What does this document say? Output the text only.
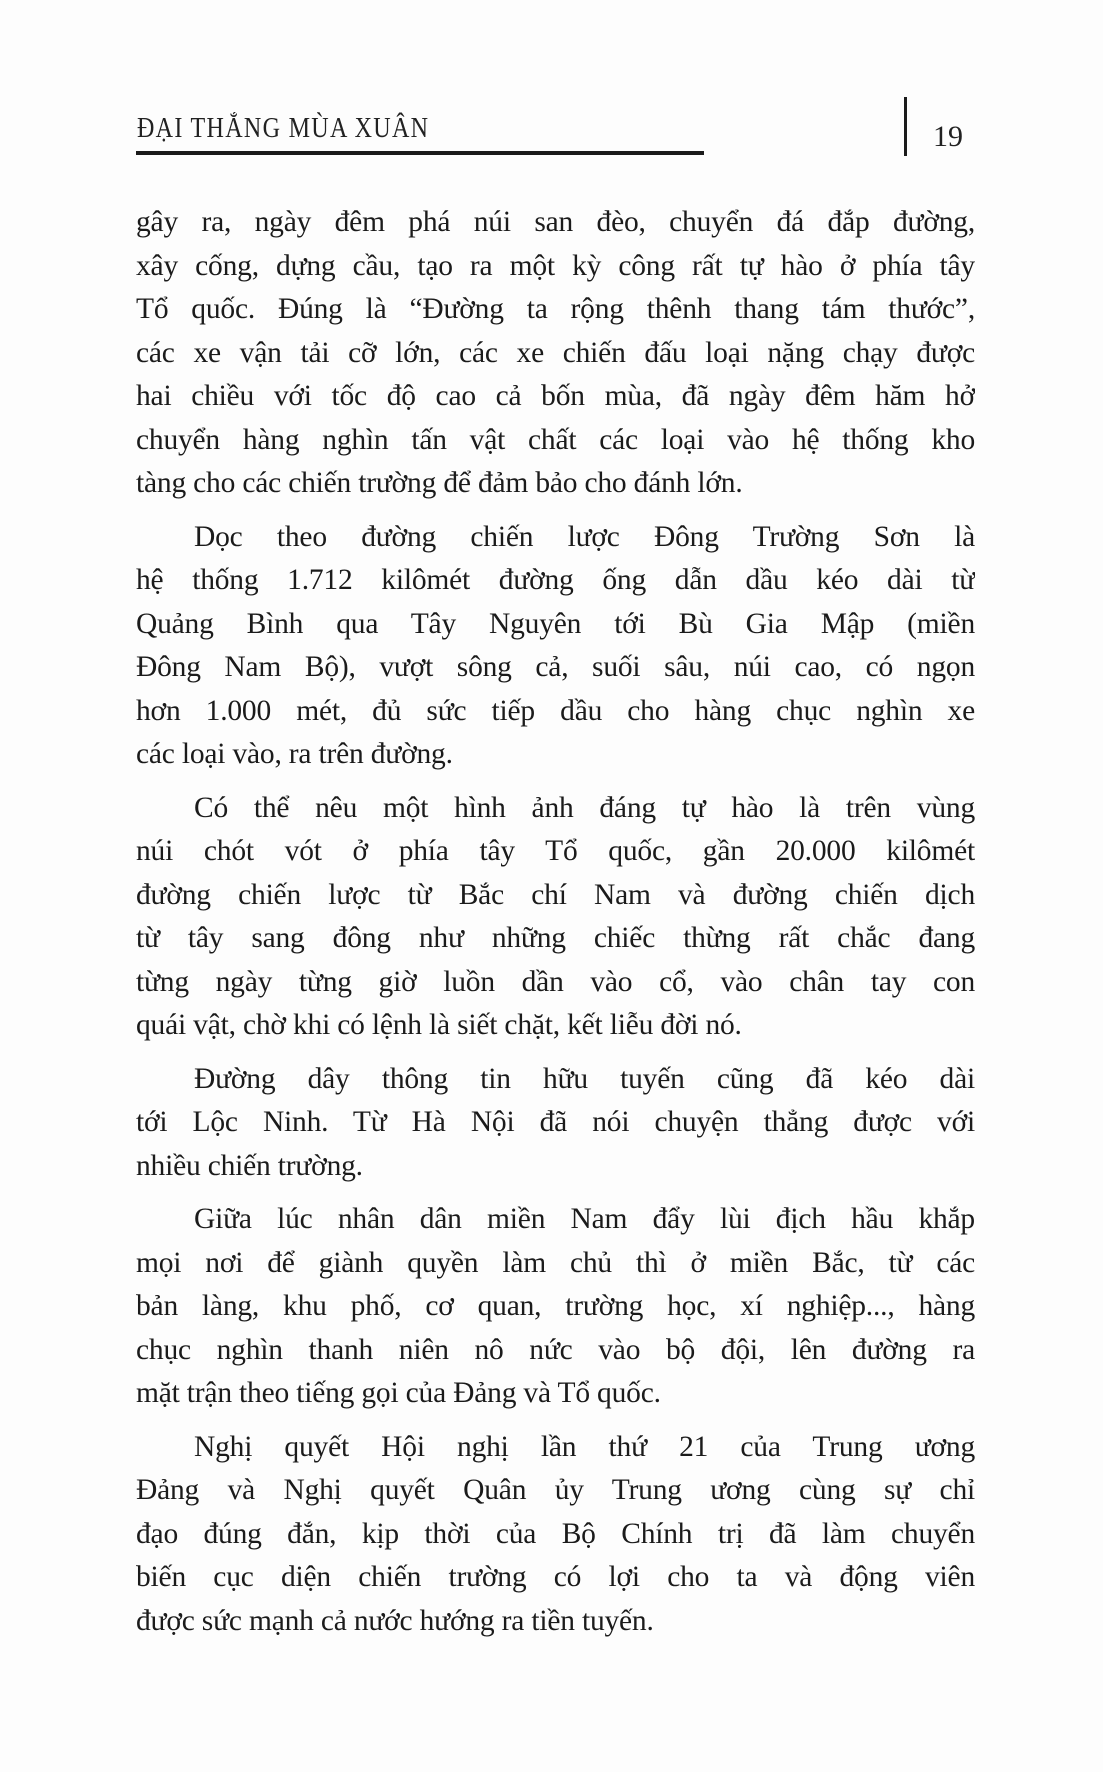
ĐẠI THẮNG MÙA XUÂN	19
gây ra, ngày đêm phá núi san đèo, chuyển đá đắp đường,
xây cống, dựng cầu, tạo ra một kỳ công rất tự hào ở phía tây
Tổ quốc. Đúng là “Đường ta rộng thênh thang tám thước”,
các xe vận tải cỡ lớn, các xe chiến đấu loại nặng chạy được
hai chiều với tốc độ cao cả bốn mùa, đã ngày đêm hăm hở
chuyển hàng nghìn tấn vật chất các loại vào hệ thống kho
tàng cho các chiến trường để đảm bảo cho đánh lớn.
Dọc theo đường chiến lược Đông Trường Sơn là
hệ thống 1.712 kilômét đường ống dẫn dầu kéo dài từ
Quảng Bình qua Tây Nguyên tới Bù Gia Mập (miền
Đông Nam Bộ), vượt sông cả, suối sâu, núi cao, có ngọn
hơn 1.000 mét, đủ sức tiếp dầu cho hàng chục nghìn xe
các loại vào, ra trên đường.
Có thể nêu một hình ảnh đáng tự hào là trên vùng
núi chót vót ở phía tây Tổ quốc, gần 20.000 kilômét
đường chiến lược từ Bắc chí Nam và đường chiến dịch
từ tây sang đông như những chiếc thừng rất chắc đang
từng ngày từng giờ luồn dần vào cổ, vào chân tay con
quái vật, chờ khi có lệnh là siết chặt, kết liễu đời nó.
Đường dây thông tin hữu tuyến cũng đã kéo dài
tới Lộc Ninh. Từ Hà Nội đã nói chuyện thẳng được với
nhiều chiến trường.
Giữa lúc nhân dân miền Nam đẩy lùi địch hầu khắp
mọi nơi để giành quyền làm chủ thì ở miền Bắc, từ các
bản làng, khu phố, cơ quan, trường học, xí nghiệp..., hàng
chục nghìn thanh niên nô nức vào bộ đội, lên đường ra
mặt trận theo tiếng gọi của Đảng và Tổ quốc.
Nghị quyết Hội nghị lần thứ 21 của Trung ương
Đảng và Nghị quyết Quân ủy Trung ương cùng sự chỉ
đạo đúng đắn, kịp thời của Bộ Chính trị đã làm chuyển
biến cục diện chiến trường có lợi cho ta và động viên
được sức mạnh cả nước hướng ra tiền tuyến.
